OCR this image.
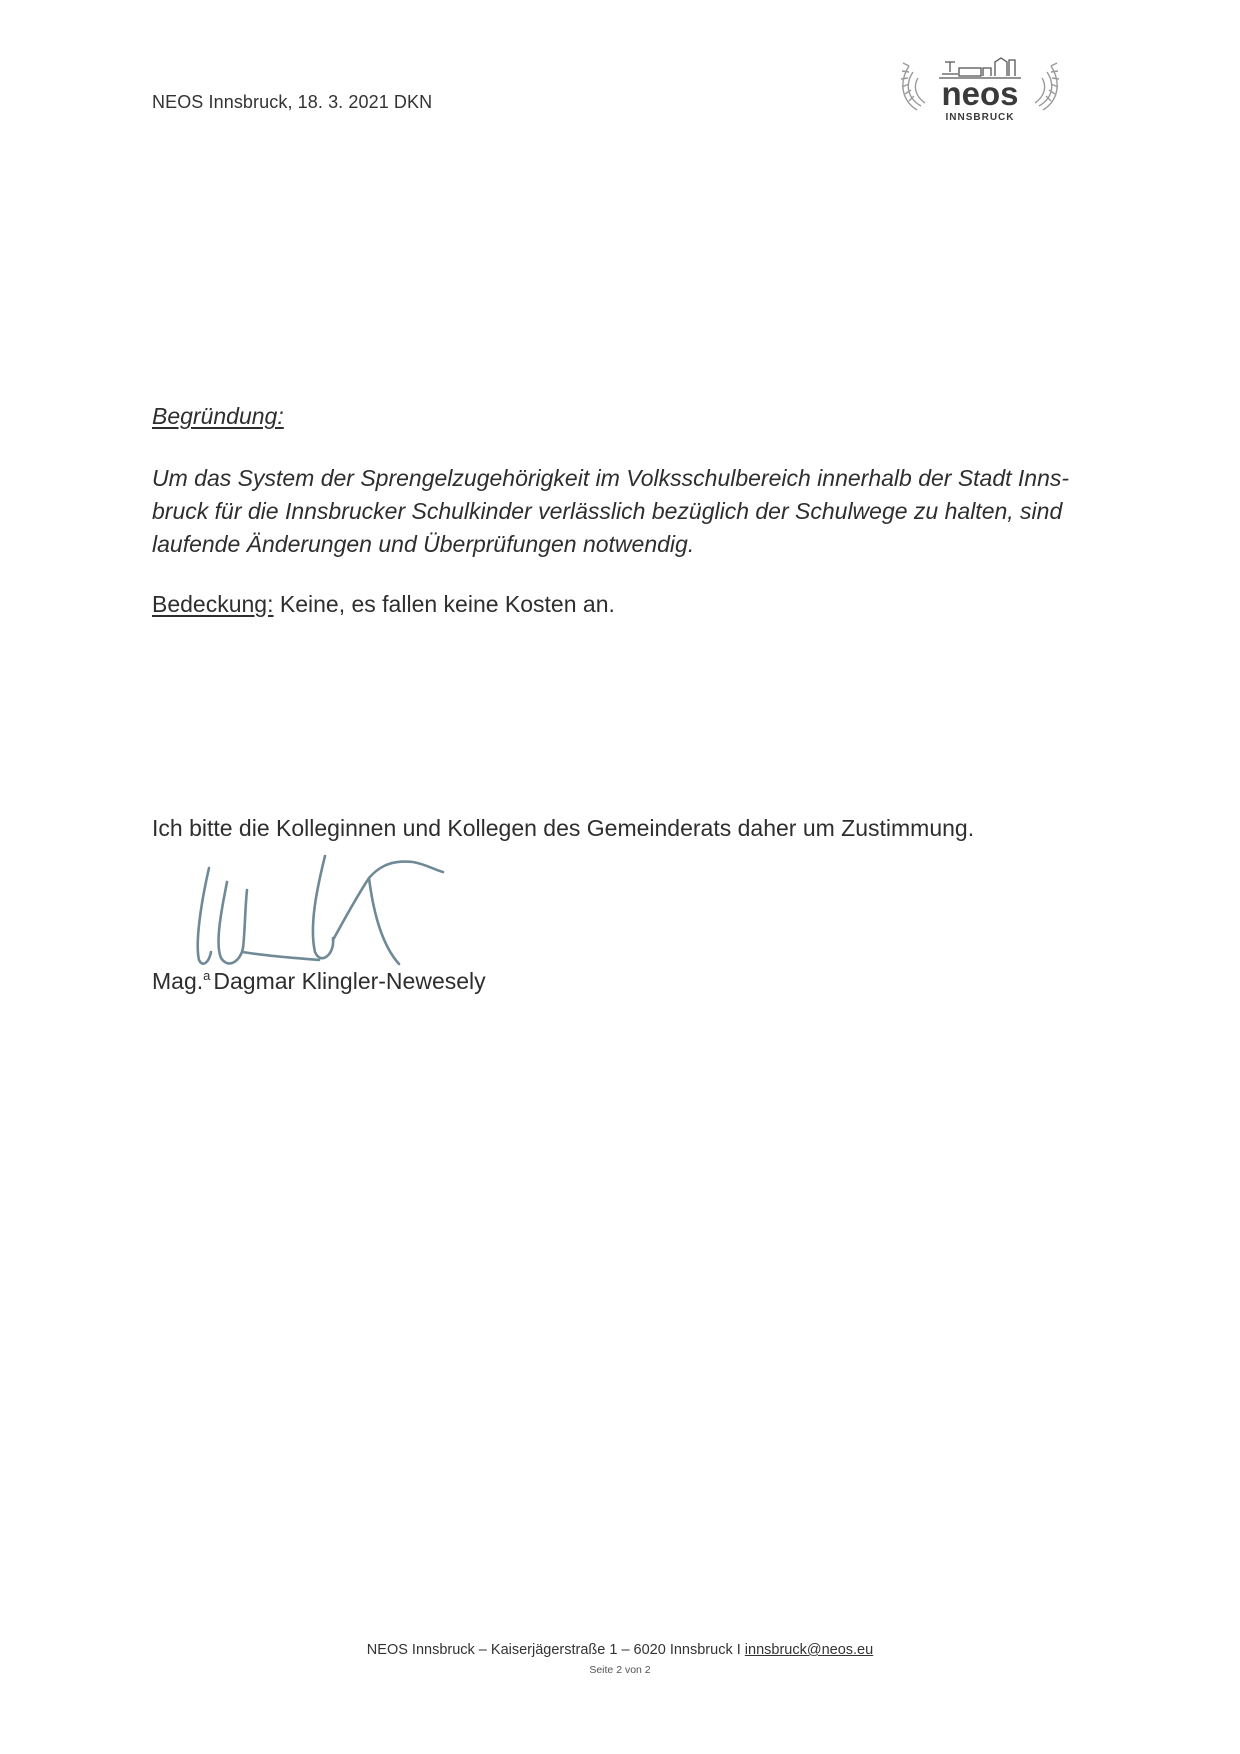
NEOS Innsbruck, 18. 3. 2021 DKN	neos
INNSBRUCK
Begründung:
Um das System der Sprengelzugehörigkeit im Volksschulbereich innerhalb der Stadt Inns-
bruck für die Innsbrucker Schulkinder verlässlich bezüglich der Schulwege zu halten, sind
laufende Änderungen und Überprüfungen notwendig.
Bedeckung: Keine, es fallen keine Kosten an.
Ich bitte die Kolleginnen und Kollegen des Gemeinderats daher um Zustimmung.
Mag.$^a$ Dagmar Klingler-Newesely
NEOS Innsbruck – Kaiserjägerstraße 1 – 6020 Innsbruck I innsbruck@neos.eu
Seite 2 von 2
